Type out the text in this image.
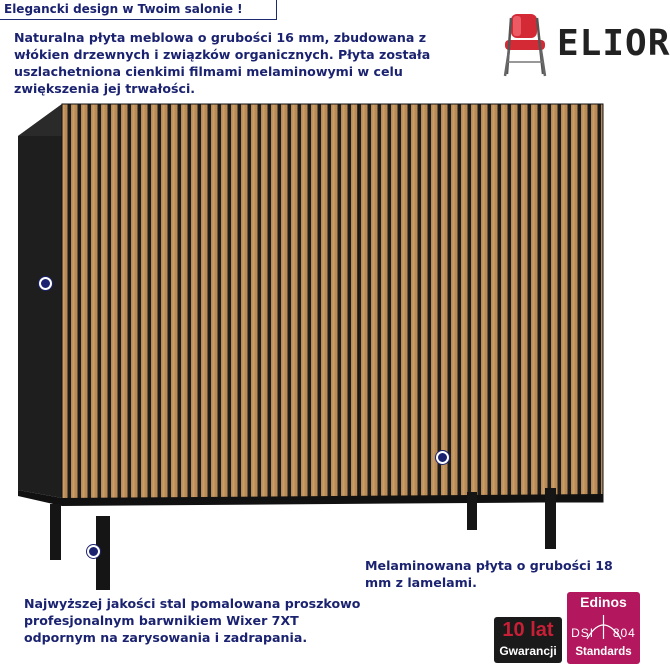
Elegancki design w Twoim salonie !
ELIOR
Naturalna płyta meblowa o grubości 16 mm, zbudowana z włókien drzewnych i związków organicznych. Płyta została uszlachetniona cienkimi filmami melaminowymi w celu zwiększenia jej trwałości.
Melaminowana płyta o grubości 18 mm z lamelami.
Najwyższej jakości stal pomalowana proszkowo profesjonalnym barwnikiem Wixer 7XT odpornym na zarysowania i zadrapania.	10 lat
Gwarancji
Edinos
DSI 804
Standards
